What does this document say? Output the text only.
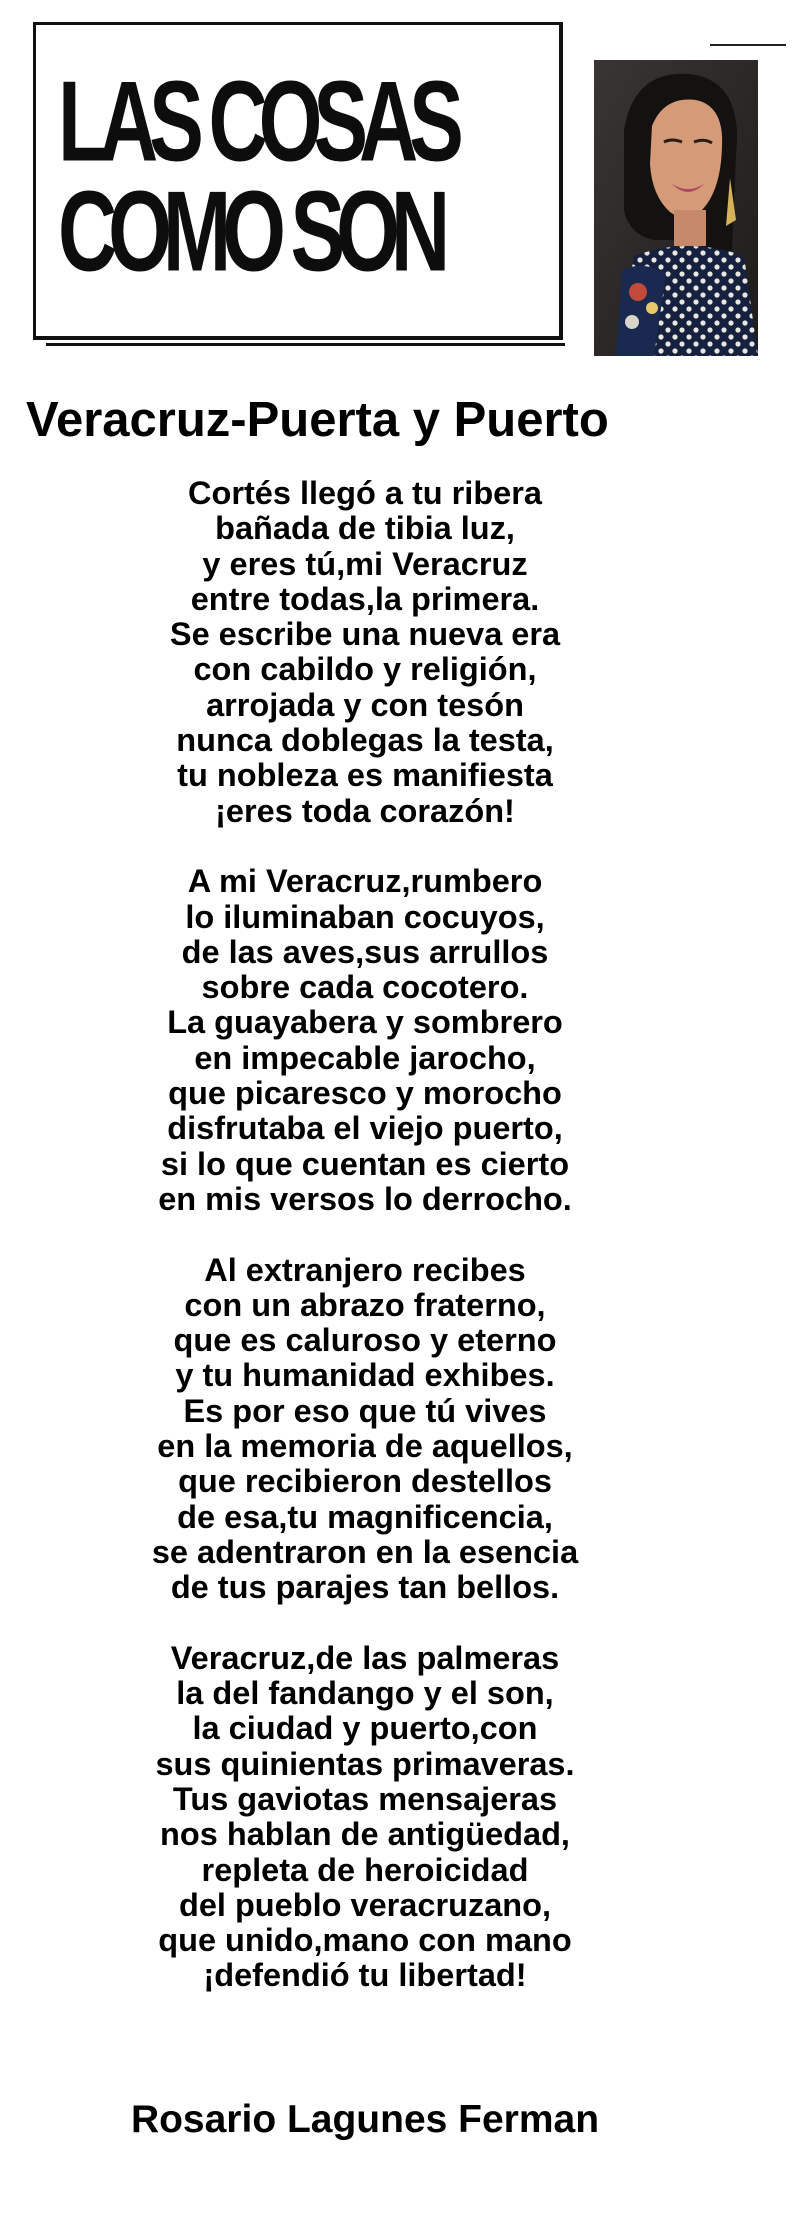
LAS COSAS
COMO SON
Veracruz-Puerta y Puerto
Cortés llegó a tu ribera
bañada de tibia luz,
y eres tú,mi Veracruz
entre todas,la primera.
Se escribe una nueva era
con cabildo y religión,
arrojada y con tesón
nunca doblegas la testa,
tu nobleza es manifiesta
¡eres toda corazón!
A mi Veracruz,rumbero
lo iluminaban cocuyos,
de las aves,sus arrullos
sobre cada cocotero.
La guayabera y sombrero
en impecable jarocho,
que picaresco y morocho
disfrutaba el viejo puerto,
si lo que cuentan es cierto
en mis versos lo derrocho.
Al extranjero recibes
con un abrazo fraterno,
que es caluroso y eterno
y tu humanidad exhibes.
Es por eso que tú vives
en la memoria de aquellos,
que recibieron destellos
de esa,tu magnificencia,
se adentraron en la esencia
de tus parajes tan bellos.
Veracruz,de las palmeras
la del fandango y el son,
la ciudad y puerto,con
sus quinientas primaveras.
Tus gaviotas mensajeras
nos hablan de antigüedad,
repleta de heroicidad
del pueblo veracruzano,
que unido,mano con mano
¡defendió tu libertad!
Rosario Lagunes Ferman
